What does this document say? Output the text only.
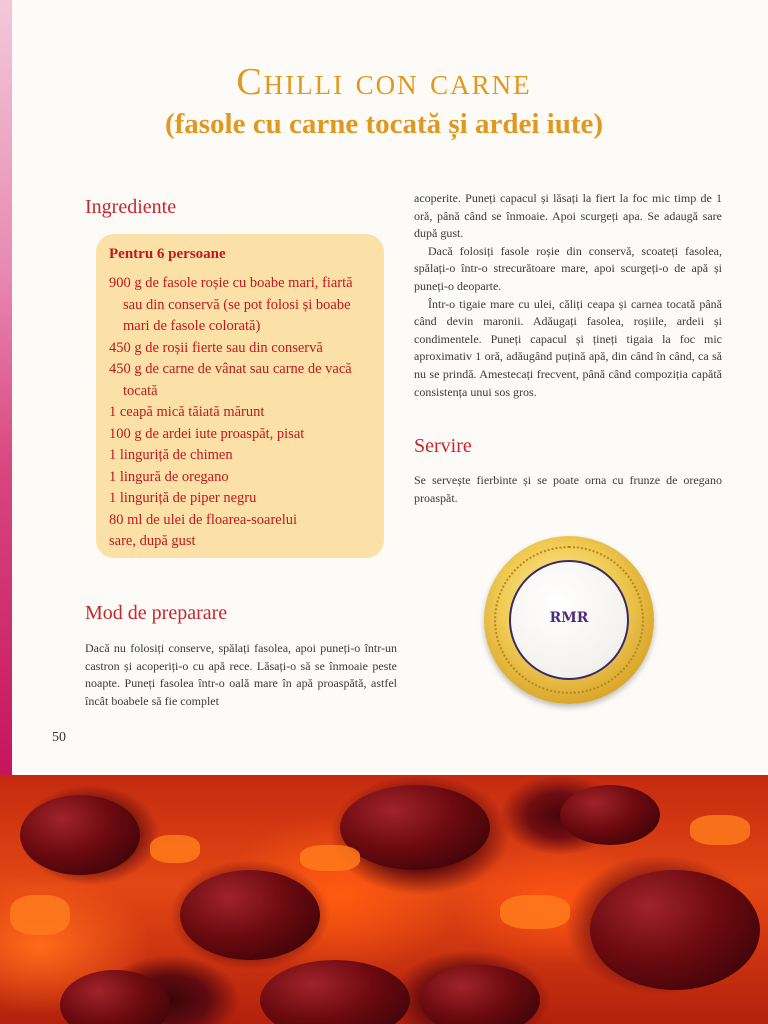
Chilli con carne
(fasole cu carne tocată și ardei iute)
Ingrediente

Pentru 6 persoane

900 g de fasole roșie cu boabe mari, fiartă sau din conservă (se pot folosi și boabe mari de fasole colorată)
450 g de roșii fierte sau din conservă
450 g de carne de vânat sau carne de vacă tocată
1 ceapă mică tăiată mărunt
100 g de ardei iute proaspăt, pisat
1 linguriță de chimen
1 lingură de oregano
1 linguriță de piper negru
80 ml de ulei de floarea-soarelui
sare, după gust
Mod de preparare

Dacă nu folosiți conserve, spălați fasolea, apoi puneți-o într-un castron și acoperiți-o cu apă rece. Lăsați-o să se înmoaie peste noapte. Puneți fasolea într-o oală mare în apă proaspătă, astfel încât boabele să fie complet

acoperite. Puneți capacul și lăsați la fiert la foc mic timp de 1 oră, până când se înmoaie. Apoi scurgeți apa. Se adaugă sare după gust.
Dacă folosiți fasole roșie din conservă, scoateți fasolea, spălați-o într-o strecurătoare mare, apoi scurgeți-o de apă și puneți-o deoparte.
Într-o tigaie mare cu ulei, căliți ceapa și carnea tocată până când devin maronii. Adăugați fasolea, roșiile, ardeii și condimentele. Puneți capacul și țineți tigaia la foc mic aproximativ 1 oră, adăugând puțină apă, din când în când, ca să nu se prindă. Amestecați frecvent, până când compoziția capătă consistența unui sos gros.

Servire

Se servește fierbinte și se poate orna cu frunze de oregano proaspăt.

RMR

50
